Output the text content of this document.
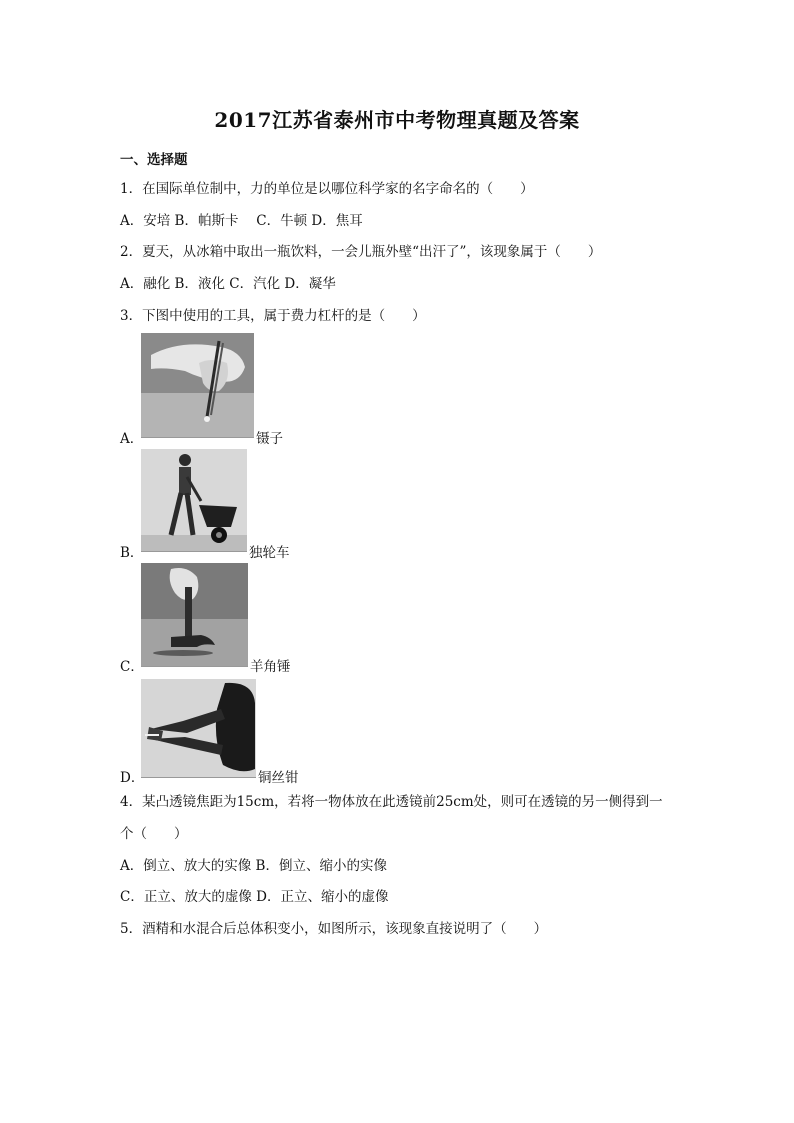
2017江苏省泰州市中考物理真题及答案
一、选择题
1．在国际单位制中，力的单位是以哪位科学家的名字命名的（　　）
A．安培 B．帕斯卡　 C．牛顿 D．焦耳
2．夏天，从冰箱中取出一瓶饮料，一会儿瓶外壁“出汗了”，该现象属于（　　）
A．融化 B．液化 C．汽化 D．凝华
3．下图中使用的工具，属于费力杠杆的是（　　）
A．	镊子
B．	独轮车
C．	羊角锤
D．	铜丝钳
4．某凸透镜焦距为15cm，若将一物体放在此透镜前25cm处，则可在透镜的另一侧得到一
个（　　）
A．倒立、放大的实像 B．倒立、缩小的实像
C．正立、放大的虚像 D．正立、缩小的虚像
5．酒精和水混合后总体积变小，如图所示，该现象直接说明了（　　）
